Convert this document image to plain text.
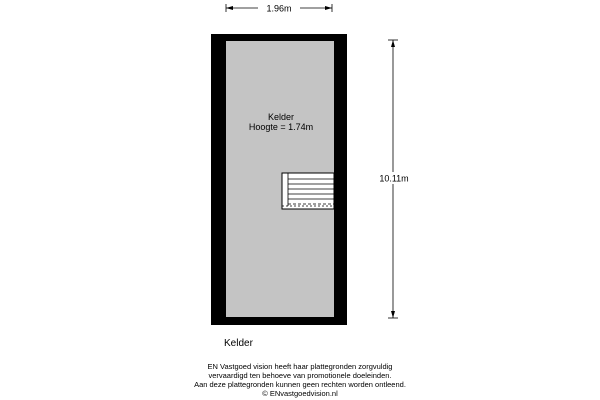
1.96m
10.11m
Kelder
Hoogte = 1.74m
Kelder
EN Vastgoed vision heeft haar plattegronden zorgvuldig
vervaardigd ten behoeve van promotionele doeleinden.
Aan deze plattegronden kunnen geen rechten worden ontleend.
© ENvastgoedvision.nl
